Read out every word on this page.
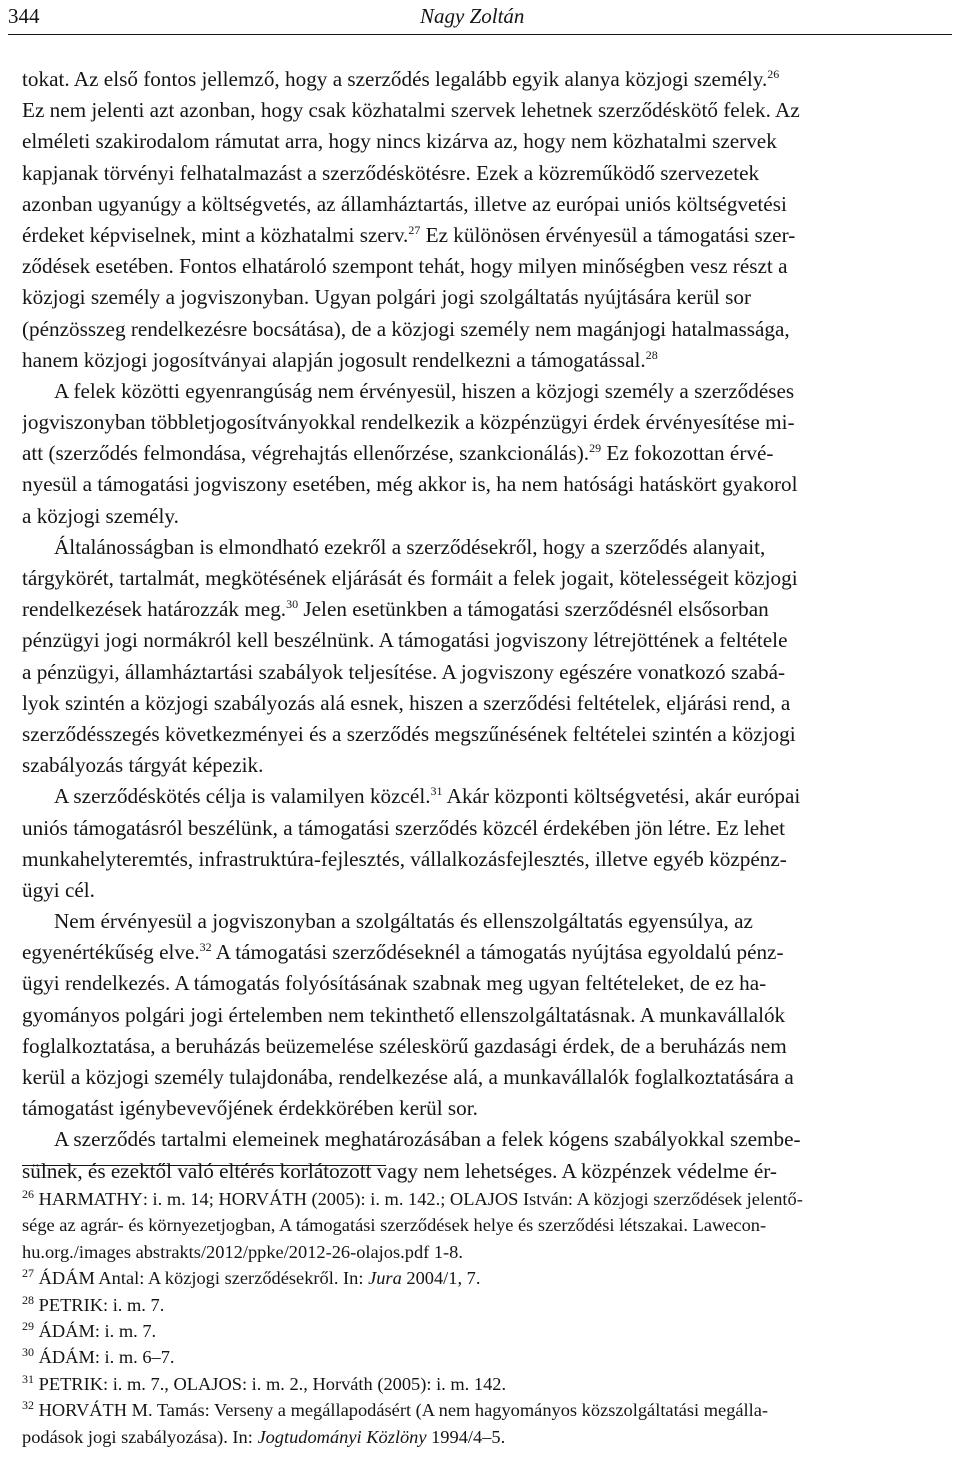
344	Nagy Zoltán
tokat. Az első fontos jellemző, hogy a szerződés legalább egyik alanya közjogi személy.$^{26}$
Ez nem jelenti azt azonban, hogy csak közhatalmi szervek lehetnek szerződéskötő felek. Az
elméleti szakirodalom rámutat arra, hogy nincs kizárva az, hogy nem közhatalmi szervek
kapjanak törvényi felhatalmazást a szerződéskötésre. Ezek a közreműködő szervezetek
azonban ugyanúgy a költségvetés, az államháztartás, illetve az európai uniós költségvetési
érdeket képviselnek, mint a közhatalmi szerv.$^{27}$ Ez különösen érvényesül a támogatási szer-
ződések esetében. Fontos elhatároló szempont tehát, hogy milyen minőségben vesz részt a
közjogi személy a jogviszonyban. Ugyan polgári jogi szolgáltatás nyújtására kerül sor
(pénzösszeg rendelkezésre bocsátása), de a közjogi személy nem magánjogi hatalmassága,
hanem közjogi jogosítványai alapján jogosult rendelkezni a támogatással.$^{28}$
A felek közötti egyenrangúság nem érvényesül, hiszen a közjogi személy a szerződéses
jogviszonyban többletjogosítványokkal rendelkezik a közpénzügyi érdek érvényesítése mi-
att (szerződés felmondása, végrehajtás ellenőrzése, szankcionálás).$^{29}$ Ez fokozottan érvé-
nyesül a támogatási jogviszony esetében, még akkor is, ha nem hatósági hatáskört gyakorol
a közjogi személy.
Általánosságban is elmondható ezekről a szerződésekről, hogy a szerződés alanyait,
tárgykörét, tartalmát, megkötésének eljárását és formáit a felek jogait, kötelességeit közjogi
rendelkezések határozzák meg.$^{30}$ Jelen esetünkben a támogatási szerződésnél elsősorban
pénzügyi jogi normákról kell beszélnünk. A támogatási jogviszony létrejöttének a feltétele
a pénzügyi, államháztartási szabályok teljesítése. A jogviszony egészére vonatkozó szabá-
lyok szintén a közjogi szabályozás alá esnek, hiszen a szerződési feltételek, eljárási rend, a
szerződésszegés következményei és a szerződés megszűnésének feltételei szintén a közjogi
szabályozás tárgyát képezik.
A szerződéskötés célja is valamilyen közcél.$^{31}$ Akár központi költségvetési, akár európai
uniós támogatásról beszélünk, a támogatási szerződés közcél érdekében jön létre. Ez lehet
munkahelyteremtés, infrastruktúra-fejlesztés, vállalkozásfejlesztés, illetve egyéb közpénz-
ügyi cél.
Nem érvényesül a jogviszonyban a szolgáltatás és ellenszolgáltatás egyensúlya, az
egyenértékűség elve.$^{32}$ A támogatási szerződéseknél a támogatás nyújtása egyoldalú pénz-
ügyi rendelkezés. A támogatás folyósításának szabnak meg ugyan feltételeket, de ez ha-
gyományos polgári jogi értelemben nem tekinthető ellenszolgáltatásnak. A munkavállalók
foglalkoztatása, a beruházás beüzemelése széleskörű gazdasági érdek, de a beruházás nem
kerül a közjogi személy tulajdonába, rendelkezése alá, a munkavállalók foglalkoztatására a
támogatást igénybevevőjének érdekkörében kerül sor.
A szerződés tartalmi elemeinek meghatározásában a felek kógens szabályokkal szembe-
sülnek, és ezektől való eltérés korlátozott vagy nem lehetséges. A közpénzek védelme ér-
$^{26}$ HARMATHY: i. m. 14; HORVÁTH (2005): i. m. 142.; OLAJOS István: A közjogi szerződések jelentő-
sége az agrár- és környezetjogban, A támogatási szerződések helye és szerződési létszakai. Lawecon-
hu.org./images abstrakts/2012/ppke/2012-26-olajos.pdf 1-8.
$^{27}$ ÁDÁM Antal: A közjogi szerződésekről. In: Jura 2004/1, 7.
$^{28}$ PETRIK: i. m. 7.
$^{29}$ ÁDÁM: i. m. 7.
$^{30}$ ÁDÁM: i. m. 6–7.
$^{31}$ PETRIK: i. m. 7., OLAJOS: i. m. 2., Horváth (2005): i. m. 142.
$^{32}$ HORVÁTH M. Tamás: Verseny a megállapodásért (A nem hagyományos közszolgáltatási megálla-
podások jogi szabályozása). In: Jogtudományi Közlöny 1994/4–5.
